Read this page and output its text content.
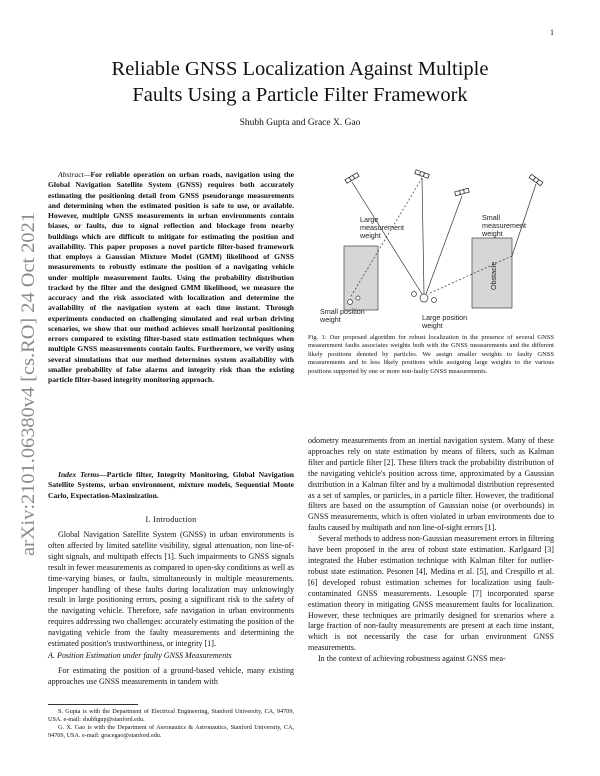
1
arXiv:2101.06380v4 [cs.RO] 24 Oct 2021
Reliable GNSS Localization Against Multiple
Faults Using a Particle Filter Framework
Shubh Gupta and Grace X. Gao
Abstract—For reliable operation on urban roads, navigation using the Global Navigation Satellite System (GNSS) requires both accurately estimating the positioning detail from GNSS pseudorange measurements and determining when the estimated position is safe to use, or available. However, multiple GNSS measurements in urban environments contain biases, or faults, due to signal reflection and blockage from nearby buildings which are difficult to mitigate for estimating the position and availability. This paper proposes a novel particle filter-based framework that employs a Gaussian Mixture Model (GMM) likelihood of GNSS measurements to robustly estimate the position of a navigating vehicle under multiple measurement faults. Using the probability distribution tracked by the filter and the designed GMM likelihood, we measure the accuracy and the risk associated with localization and determine the availability of the navigation system at each time instant. Through experiments conducted on challenging simulated and real urban driving scenarios, we show that our method achieves small horizontal positioning errors compared to existing filter-based state estimation techniques when multiple GNSS measurements contain faults. Furthermore, we verify using several simulations that our method determines system availability with smaller probability of false alarms and integrity risk than the existing particle filter-based integrity monitoring approach.
Index Terms—Particle filter, Integrity Monitoring, Global Navigation Satellite Systems, urban environment, mixture models, Sequential Monte Carlo, Expectation-Maximization.
I. Introduction

Global Navigation Satellite System (GNSS) in urban environments is often affected by limited satellite visibility, signal attenuation, non line-of-sight signals, and multipath effects [1]. Such impairments to GNSS signals result in fewer measurements as compared to open-sky conditions as well as time-varying biases, or faults, simultaneously in multiple measurements. Improper handling of these faults during localization may unknowingly result in large positioning errors, posing a significant risk to the safety of the navigating vehicle. Therefore, safe navigation in urban environments requires addressing two challenges: accurately estimating the position of the navigating vehicle from the faulty measurements and determining the estimated position's trustworthiness, or integrity [1].

A. Position Estimation under faulty GNSS Measurements

For estimating the position of a ground-based vehicle, many existing approaches use GNSS measurements in tandem with

S. Gupta is with the Department of Electrical Engineering, Stanford University, CA, 94709, USA. e-mail: shubhgup@stanford.edu.

G. X. Gao is with the Department of Aeronautics & Astronautics, Stanford University, CA, 94709, USA. e-mail: gracegao@stanford.edu.

Obstacle
Large measurement weight
Small measurement weight
Small position weight	Large position weight
Fig. 1: Our proposed algorithm for robust localization in the presence of several GNSS measurement faults associates weights both with the GNSS measurements and the different likely positions denoted by particles. We assign smaller weights to faulty GNSS measurements and to less likely positions while assigning large weights to the various positions supported by one or more non-faulty GNSS measurements.

odometry measurements from an inertial navigation system. Many of these approaches rely on state estimation by means of filters, such as Kalman filter and particle filter [2]. These filters track the probability distribution of the navigating vehicle's position across time, approximated by a Gaussian distribution in a Kalman filter and by a multimodal distribution represented as a set of samples, or particles, in a particle filter. However, the traditional filters are based on the assumption of Gaussian noise (or overbounds) in GNSS measurements, which is often violated in urban environments due to faults caused by multipath and non line-of-sight errors [1].

Several methods to address non-Gaussian measurement errors in filtering have been proposed in the area of robust state estimation. Karlgaard [3] integrated the Huber estimation technique with Kalman filter for outlier-robust state estimation. Pesonen [4], Medina et al. [5], and Crespillo et al. [6] developed robust estimation schemes for localization using fault-contaminated GNSS measurements. Lesouple [7] incorporated sparse estimation theory in mitigating GNSS measurement faults for localization. However, these techniques are primarily designed for scenarios where a large fraction of non-faulty measurements are present at each time instant, which is not necessarily the case for urban environment GNSS measurements.

In the context of achieving robustness against GNSS mea-
